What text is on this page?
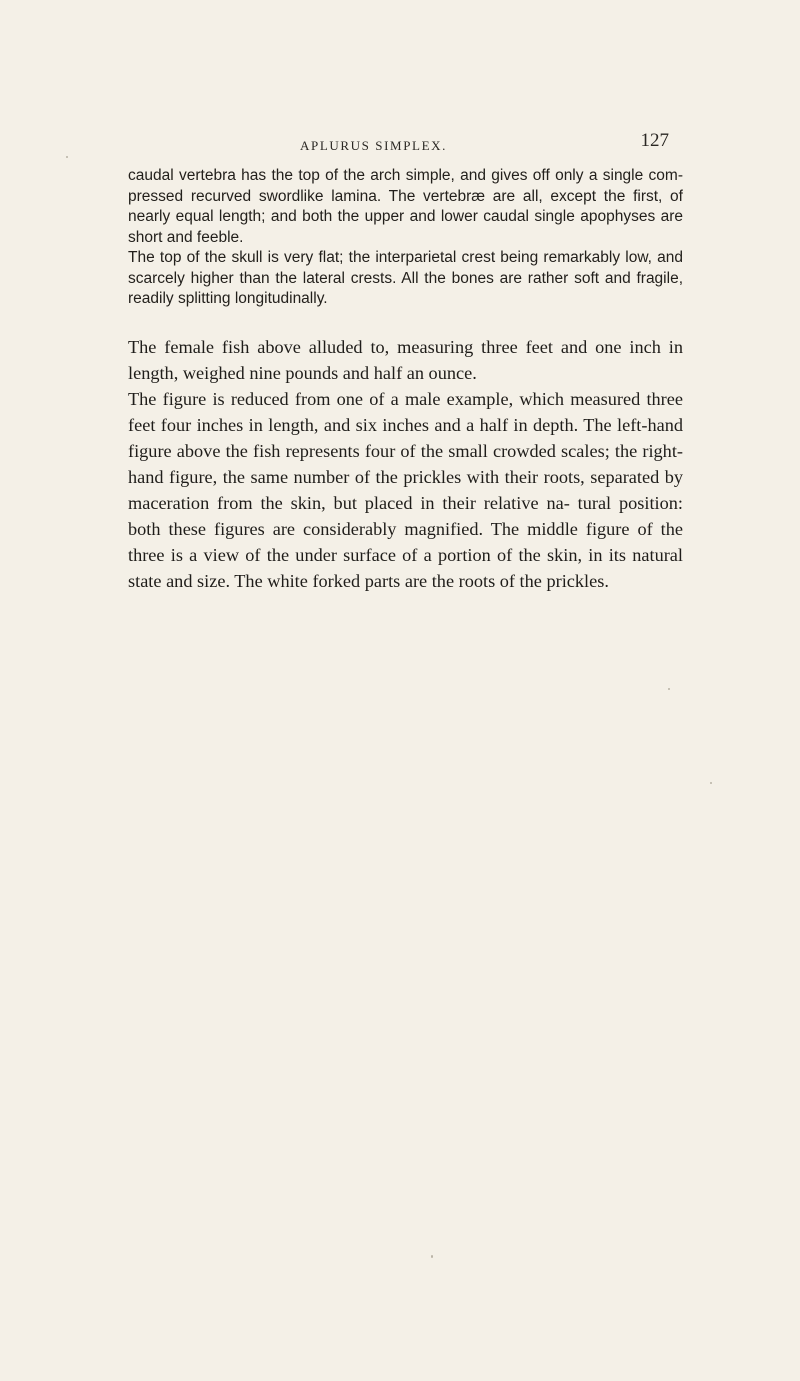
APLURUS SIMPLEX.	127

caudal vertebra has the top of the arch simple, and gives off only a single com- pressed recurved swordlike lamina. The vertebræ are all, except the first, of nearly equal length; and both the upper and lower caudal single apophyses are short and feeble.

The top of the skull is very flat; the interparietal crest being remarkably low, and scarcely higher than the lateral crests. All the bones are rather soft and fragile, readily splitting longitudinally.

The female fish above alluded to, measuring three feet and one inch in length, weighed nine pounds and half an ounce.

The figure is reduced from one of a male example, which measured three feet four inches in length, and six inches and a half in depth. The left-hand figure above the fish represents four of the small crowded scales; the right-hand figure, the same number of the prickles with their roots, separated by maceration from the skin, but placed in their relative na- tural position: both these figures are considerably magnified. The middle figure of the three is a view of the under surface of a portion of the skin, in its natural state and size. The white forked parts are the roots of the prickles.
